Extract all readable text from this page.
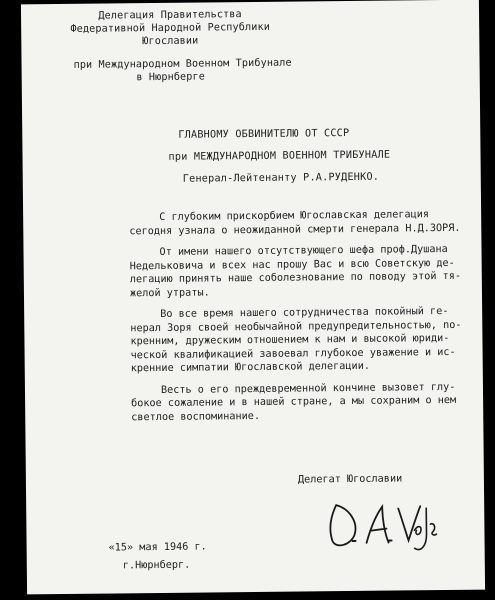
Делегация Правительства
Федеративной Народной Республики
Югославии
при Международном Военном Трибунале
в Нюрнберге
ГЛАВНОМУ ОБВИНИТЕЛЮ ОТ СССР
при МЕЖДУНАРОДНОМ ВОЕННОМ ТРИБУНАЛЕ
Генерал-Лейтенанту Р.А.РУДЕНКО.
С глубоким прискорбием Югославская делегация
сегодня узнала о неожиданной смерти генерала Н.Д.ЗОРЯ.
От имени нашего отсутствующего шефа проф.Душана
Недельковича и всех нас прошу Вас и всю Советскую де-
легацию принять наше соболезнование по поводу этой тя-
желой утраты.
Во все время нашего сотрудничества покойный ге-
нерал Зоря своей необычайной предупредительностью, no-
кренним, дружеским отношением к нам и высокой юриди-
ческой квалификацией завоевал глубокое уважение и ис-
кренние симпатии Югославской делегации.
Весть о его преждевременной кончине вызовет глу-
бокое сожаление и в нашей стране, а мы сохраним о нем
светлое воспоминание.
Делегат Югославии
«15» мая 1946 г.
г.Нюрнберг.
